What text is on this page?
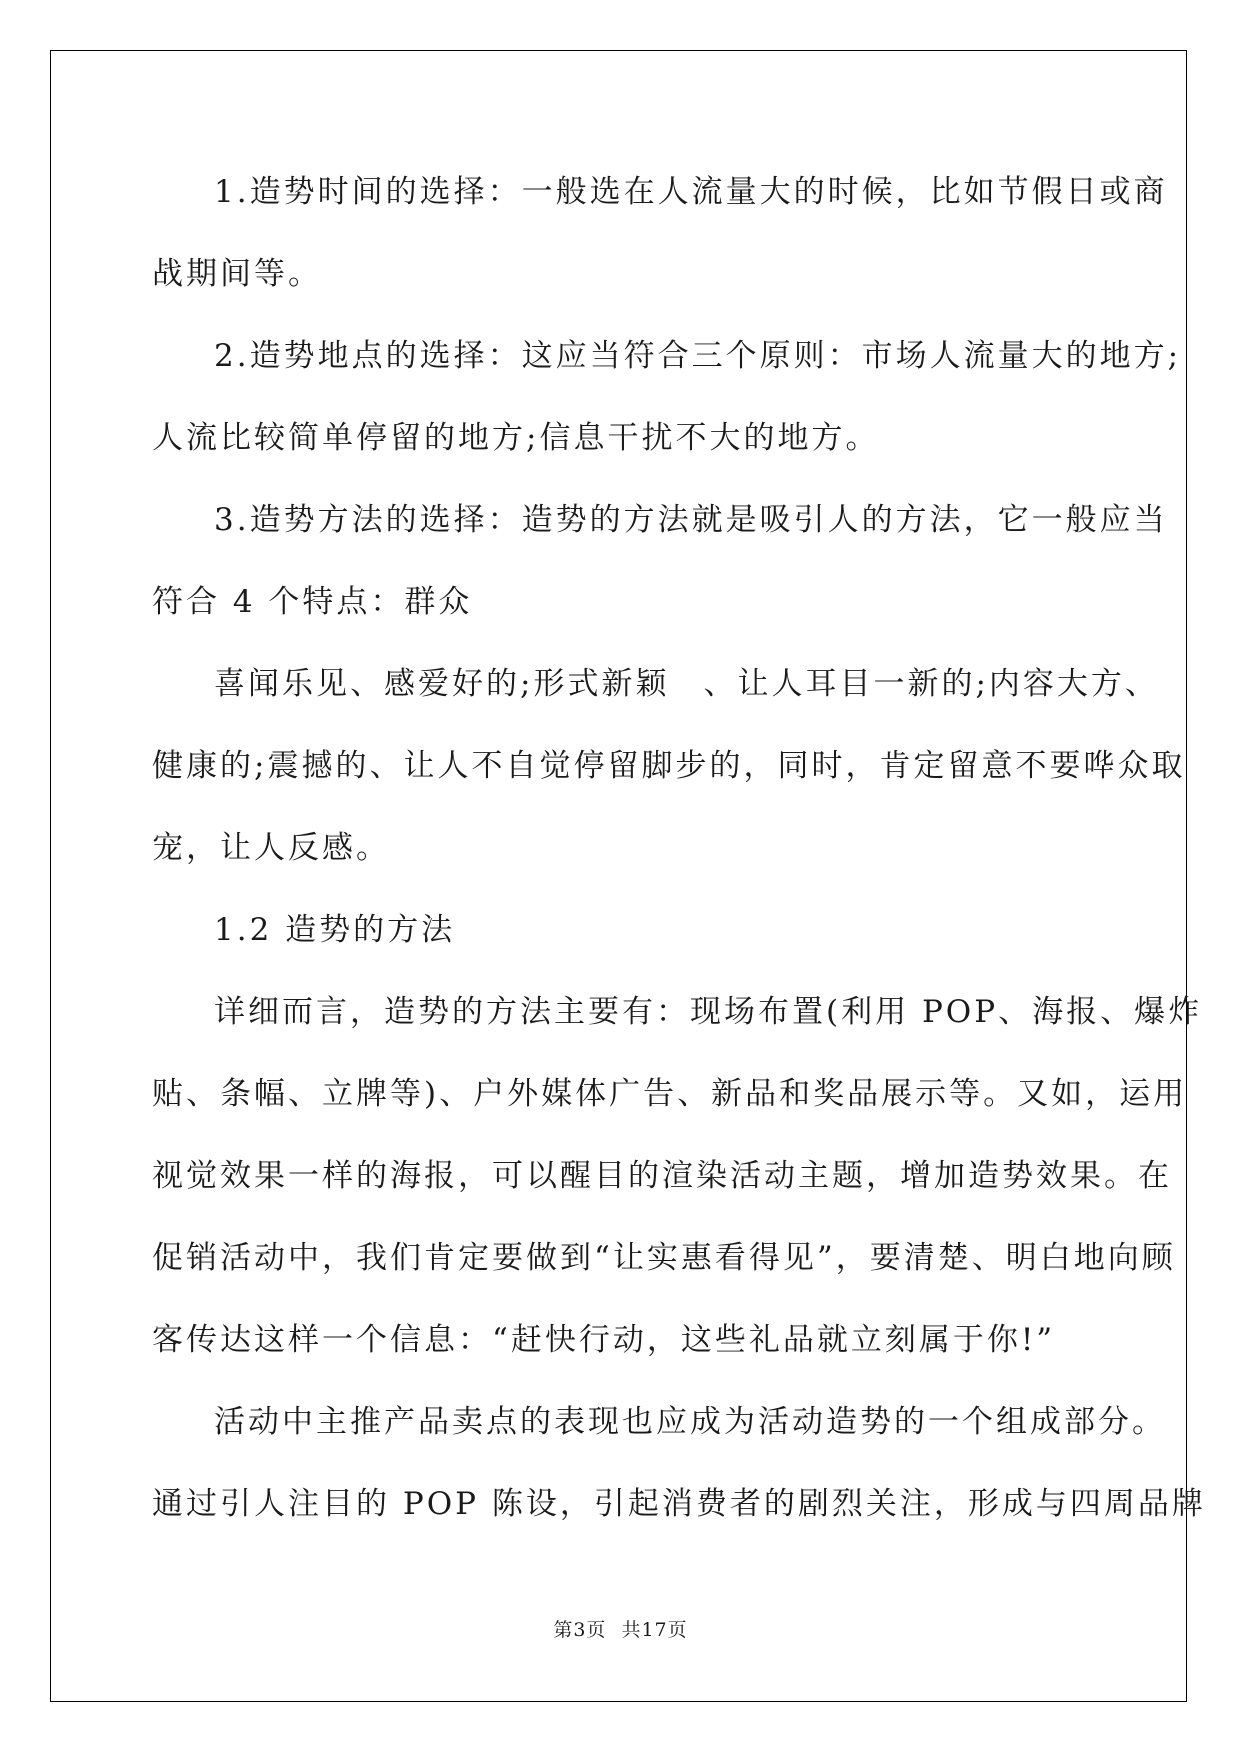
1.造势时间的选择：一般选在人流量大的时候，比如节假日或商
战期间等。
2.造势地点的选择：这应当符合三个原则：市场人流量大的地方;
人流比较简单停留的地方;信息干扰不大的地方。
3.造势方法的选择：造势的方法就是吸引人的方法，它一般应当
符合 4 个特点：群众
喜闻乐见、感爱好的;形式新颖　、让人耳目一新的;内容大方、
健康的;震撼的、让人不自觉停留脚步的，同时，肯定留意不要哗众取
宠，让人反感。
1.2 造势的方法
详细而言，造势的方法主要有：现场布置(利用 POP、海报、爆炸
贴、条幅、立牌等)、户外媒体广告、新品和奖品展示等。又如，运用
视觉效果一样的海报，可以醒目的渲染活动主题，增加造势效果。在
促销活动中，我们肯定要做到“让实惠看得见”，要清楚、明白地向顾
客传达这样一个信息：“赶快行动，这些礼品就立刻属于你!”
活动中主推产品卖点的表现也应成为活动造势的一个组成部分。
通过引人注目的 POP 陈设，引起消费者的剧烈关注，形成与四周品牌
第3页 共17页
